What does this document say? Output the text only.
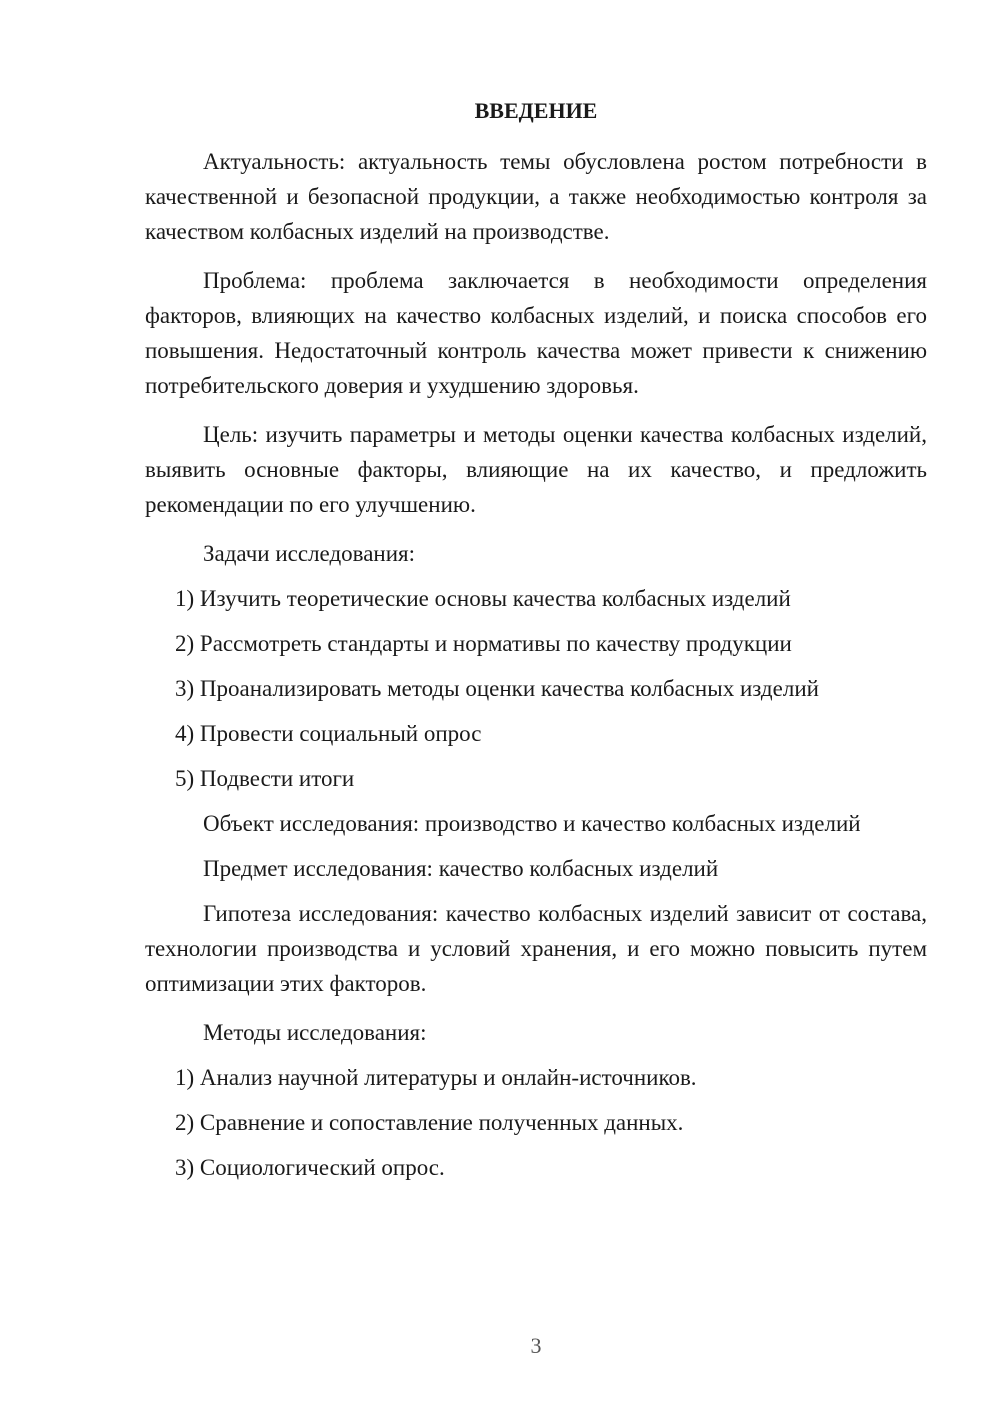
ВВЕДЕНИЕ

Актуальность: актуальность темы обусловлена ростом потребности в качественной и безопасной продукции, а также необходимостью контроля за качеством колбасных изделий на производстве.

Проблема: проблема заключается в необходимости определения факторов, влияющих на качество колбасных изделий, и поиска способов его повышения. Недостаточный контроль качества может привести к снижению потребительского доверия и ухудшению здоровья.

Цель: изучить параметры и методы оценки качества колбасных изделий, выявить основные факторы, влияющие на их качество, и предложить рекомендации по его улучшению.

Задачи исследования:

1) Изучить теоретические основы качества колбасных изделий

2) Рассмотреть стандарты и нормативы по качеству продукции

3) Проанализировать методы оценки качества колбасных изделий

4) Провести социальный опрос

5) Подвести итоги

Объект исследования: производство и качество колбасных изделий

Предмет исследования: качество колбасных изделий

Гипотеза исследования: качество колбасных изделий зависит от состава, технологии производства и условий хранения, и его можно повысить путем оптимизации этих факторов.

Методы исследования:

1) Анализ научной литературы и онлайн-источников.

2) Сравнение и сопоставление полученных данных.

3) Социологический опрос.

3
